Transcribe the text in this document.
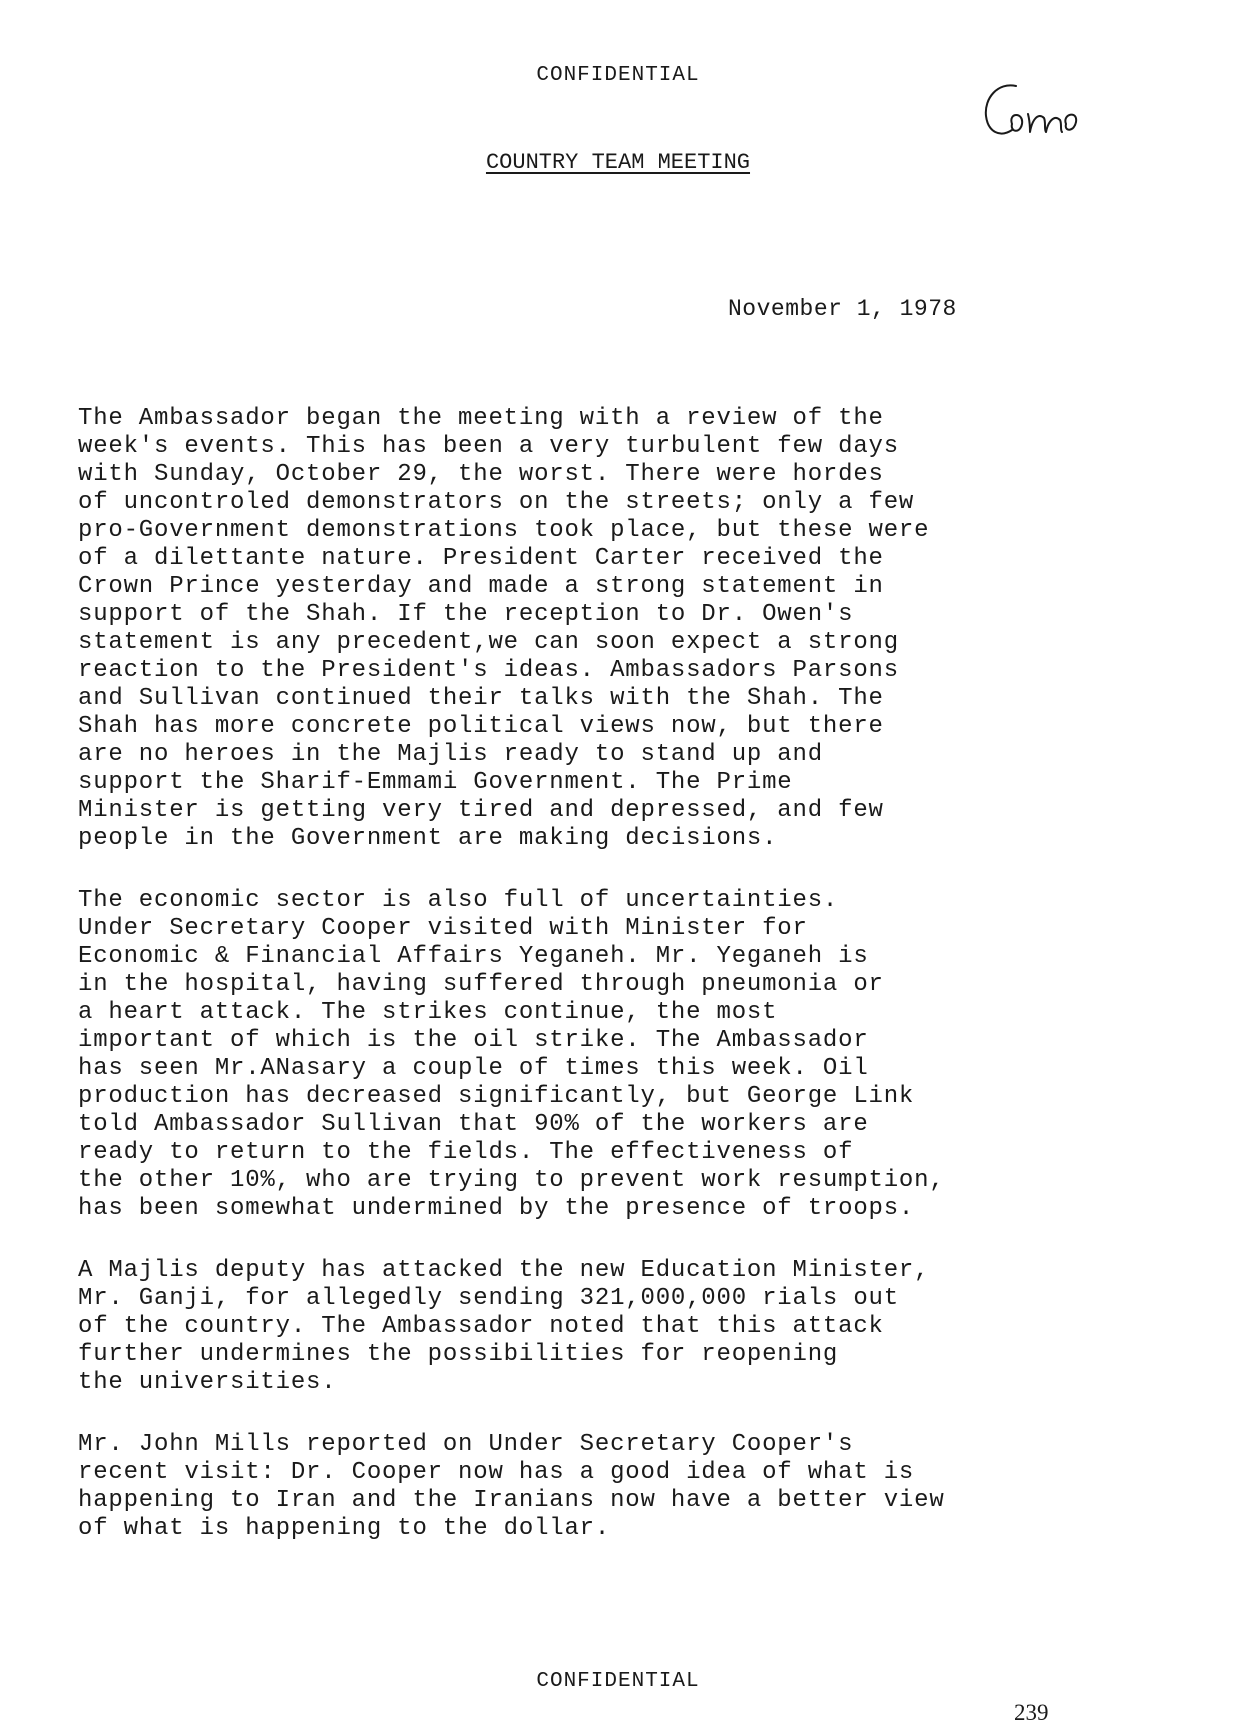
CONFIDENTIAL
COUNTRY TEAM MEETING
November 1, 1978

The Ambassador began the meeting with a review of the
week's events. This has been a very turbulent few days
with Sunday, October 29, the worst. There were hordes
of uncontroled demonstrators on the streets; only a few
pro-Government demonstrations took place, but these were
of a dilettante nature. President Carter received the
Crown Prince yesterday and made a strong statement in
support of the Shah. If the reception to Dr. Owen's
statement is any precedent,we can soon expect a strong
reaction to the President's ideas. Ambassadors Parsons
and Sullivan continued their talks with the Shah. The
Shah has more concrete political views now, but there
are no heroes in the Majlis ready to stand up and
support the Sharif-Emmami Government. The Prime
Minister is getting very tired and depressed, and few
people in the Government are making decisions.

The economic sector is also full of uncertainties.
Under Secretary Cooper visited with Minister for
Economic & Financial Affairs Yeganeh. Mr. Yeganeh is
in the hospital, having suffered through pneumonia or
a heart attack. The strikes continue, the most
important of which is the oil strike. The Ambassador
has seen Mr.ANasary a couple of times this week. Oil
production has decreased significantly, but George Link
told Ambassador Sullivan that 90% of the workers are
ready to return to the fields. The effectiveness of
the other 10%, who are trying to prevent work resumption,
has been somewhat undermined by the presence of troops.

A Majlis deputy has attacked the new Education Minister,
Mr. Ganji, for allegedly sending 321,000,000 rials out
of the country. The Ambassador noted that this attack
further undermines the possibilities for reopening
the universities.

Mr. John Mills reported on Under Secretary Cooper's
recent visit: Dr. Cooper now has a good idea of what is
happening to Iran and the Iranians now have a better view
of what is happening to the dollar.

CONFIDENTIAL
239
